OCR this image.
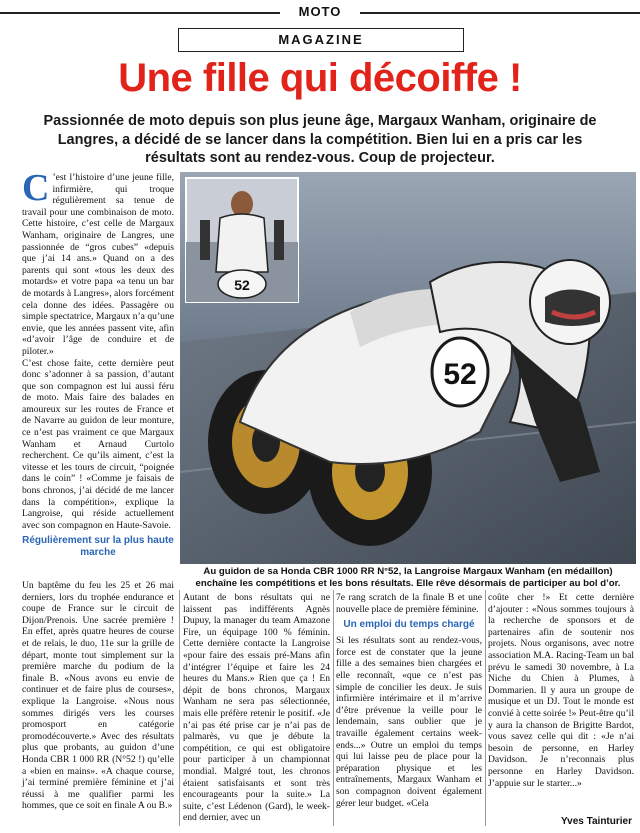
MOTO
MAGAZINE
Une fille qui décoiffe !
Passionnée de moto depuis son plus jeune âge, Margaux Wanham, originaire de Langres, a décidé de se lancer dans la compétition. Bien lui en a pris car les résultats sont au rendez-vous. Coup de projecteur.
52
52
Au guidon de sa Honda CBR 1000 RR N°52, la Langroise Margaux Wanham (en médaillon) enchaîne les compétitions et les bons résultats. Elle rêve désormais de participer au bol d’or.

C ’est l’histoire d’une jeune fille, infirmière, qui troque régulièrement sa tenue de travail pour une combinaison de moto. Cette histoire, c’est celle de Margaux Wanham, originaire de Langres, une passionnée de “gros cubes” «depuis que j’ai 14 ans.» Quand on a des parents qui sont «tous les deux des motards» et votre papa «a tenu un bar de motards à Langres», alors forcément cela donne des idées. Passagère ou simple spectatrice, Margaux n’a qu’une envie, que les années passent vite, afin «d’avoir l’âge de conduire et de piloter.»

C’est chose faite, cette dernière peut donc s’adonner à sa passion, d’autant que son compagnon est lui aussi féru de moto. Mais faire des balades en amoureux sur les routes de France et de Navarre au guidon de leur monture, ce n’est pas vraiment ce que Margaux Wanham et Arnaud Curtolo recherchent. Ce qu’ils aiment, c’est la vitesse et les tours de circuit, “poignée dans le coin” ! «Comme je faisais de bons chronos, j’ai décidé de me lancer dans la compétition», explique la Langroise, qui réside actuellement avec son compagnon en Haute-Savoie.

Régulièrement sur la plus haute marche
Un baptême du feu les 25 et 26 mai derniers, lors du trophée endurance et coupe de France sur le circuit de Dijon/Prenois. Une sacrée première ! En effet, après quatre heures de course et de relais, le duo, 11e sur la grille de départ, monte tout simplement sur la première marche du podium de la finale B. «Nous avons eu envie de continuer et de faire plus de courses», explique la Langroise. «Nous nous sommes dirigés vers les courses promosport en catégorie promodécouverte.» Avec des résultats plus que probants, au guidon d’une Honda CBR 1 000 RR (N°52 !) qu’elle a «bien en mains». «A chaque course, j’ai terminé première féminine et j’ai réussi à me qualifier parmi les hommes, que ce soit en finale A ou B.»
Autant de bons résultats qui ne laissent pas indifférents Agnès Dupuy, la manager du team Amazone Fire, un équipage 100 % féminin. Cette dernière contacte la Langroise «pour faire des essais pré-Mans afin d’intégrer l’équipe et faire les 24 heures du Mans.» Rien que ça ! En dépit de bons chronos, Margaux Wanham ne sera pas sélectionnée, mais elle préfère retenir le positif. «Je n’ai pas été prise car je n’ai pas de palmarès, vu que je débute la compétition, ce qui est obligatoire pour participer à un championnat mondial. Malgré tout, les chronos étaient satisfaisants et sont très encourageants pour la suite.» La suite, c’est Lédenon (Gard), le week-end dernier, avec un

7e rang scratch de la finale B et une nouvelle place de première féminine.

Un emploi du temps chargé

Si les résultats sont au rendez-vous, force est de constater que la jeune fille a des semaines bien chargées et elle reconnaît, «que ce n’est pas simple de concilier les deux. Je suis infirmière intérimaire et il m’arrive d’être prévenue la veille pour le lendemain, sans oublier que je travaille également certains week-ends...» Outre un emploi du temps qui lui laisse peu de place pour la préparation physique et les entraînements, Margaux Wanham et son compagnon doivent également gérer leur budget. «Cela

coûte cher !» Et cette dernière d’ajouter : «Nous sommes toujours à la recherche de sponsors et de partenaires afin de soutenir nos projets. Nous organisons, avec notre association M.A. Racing-Team un bal prévu le samedi 30 novembre, à La Niche du Chien à Plumes, à Dommarien. Il y aura un groupe de musique et un DJ. Tout le monde est convié à cette soirée !» Peut-être qu’il y aura la chanson de Brigitte Bardot, vous savez celle qui dit : «Je n’ai besoin de personne, en Harley Davidson. Je n’reconnais plus personne en Harley Davidson. J’appuie sur le starter...»
Yves Tainturier
